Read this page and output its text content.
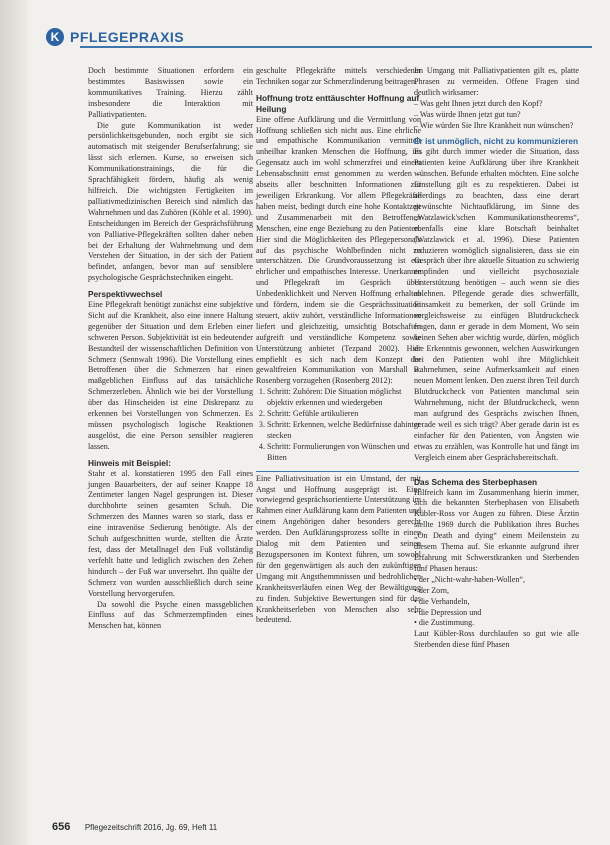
K PFLEGEPRAXIS

Doch bestimmte Situationen erfordern ein bestimmtes Basiswissen sowie ein kommunikatives Training. Hierzu zählt insbesondere die Interaktion mit Palliativpatienten.

Die gute Kommunikation ist weder persönlichkeitsgebunden, noch ergibt sie sich automatisch mit steigender Berufserfahrung; sie lässt sich erlernen. Kurse, so erweisen sich Kommunikationstrainings, die für die Sprachfähigkeit fördern, häufig als wenig hilfreich. Die wichtigsten Fertigkeiten im palliativmedizinischen Bereich sind nämlich das Wahrnehmen und das Zuhören (Köhle et al. 1990). Entscheidungen im Bereich der Gesprächsführung von Palliative-Pflegekräften sollten daher neben bei der Erhaltung der Wahrnehmung und dem Verstehen der Situation, in der sich der Patient befindet, anfangen, bevor man auf sensiblere psychologische Gesprächstechniken eingeht.

Perspektivwechsel

Eine Pflegekraft benötigt zunächst eine subjektive Sicht auf die Krankheit, also eine innere Haltung gegenüber der Situation und dem Erleben einer schweren Person. Subjektivität ist ein bedeutender Bestandteil der wissenschaftlichen Definition von Schmerz (Sennwalt 1996). Die Vorstellung eines Betroffenen über die Schmerzen hat einen maßgeblichen Einfluss auf das tatsächliche Schmerzerleben. Ähnlich wie bei der Vorstellung über das Hinscheiden ist eine Diskrepanz zu erkennen bei Vorstellungen von Schmerzen. Es müssen psychologisch logische Reaktionen ausgelöst, die eine Person sensibler reagieren lassen.

Hinweis mit Beispiel:

Stahr et al. konstatieren 1995 den Fall eines jungen Bauarbeiters, der auf seiner Knappe 18 Zentimeter langen Nagel gesprungen ist. Dieser durchbohrte seinen gesamten Schuh. Die Schmerzen des Mannes waren so stark, dass er eine intravenöse Sedierung benötigte. Als der Schuh aufgeschnitten wurde, stellten die Ärzte fest, dass der Metallnagel den Fuß vollständig verfehlt hatte und lediglich zwischen den Zehen hindurch – der Fuß war unversehrt. Ihn quälte der Schmerz von wurden ausschließlich durch seine Vorstellung hervorgerufen.

Da sowohl die Psyche einen massgeblichen Einfluss auf das Schmerzempfinden eines Menschen hat, können

geschulte Pflegekräfte mittels verschiedener Techniken sogar zur Schmerzlinderung beitragen.

Hoffnung trotz enttäuschter Hoffnung auf Heilung

Eine offene Aufklärung und die Vermittlung von Hoffnung schließen sich nicht aus. Eine ehrliche und empathische Kommunikation vermittelt unheilbar kranken Menschen die Hoffnung, im Gegensatz auch im wohl schmerzfrei und einem Lebensabschnitt ernst genommen zu werden – abseits aller beschnitten Informationen zur jeweiligen Erkrankung. Vor allem Pflegekräfte haben meist, bedingt durch eine hohe Kontaktzeit und Zusammenarbeit mit den Betroffenen Menschen, eine enge Beziehung zu den Patienten. Hier sind die Möglichkeiten des Pflegepersonals auf das psychische Wohlbefinden nicht zu unterschätzen. Die Grundvoraussetzung ist ein ehrlicher und empathisches Interesse. Unerkannte und Pflegekraft im Gespräch über Unbedenklichkeit und Nerven Hoffnung erhalten und fördern, indem sie die Gesprächssituation steuert, aktiv zuhört, verständliche Informationen liefert und gleichzeitig, umsichtig Botschaften aufgreift und verständliche Kompetenz sowie Unterstützung anbietet (Tezpand 2002). Hier empfiehlt es sich nach dem Konzept der gewaltfreien Kommunikation von Marshall B. Rosenberg vorzugehen (Rosenberg 2012):

1. Schritt: Zuhören: Die Situation möglichst objektiv erkennen und wiedergeben
2. Schritt: Gefühle artikulieren
3. Schritt: Erkennen, welche Bedürfnisse dahinter stecken
4. Schritt: Formulierungen von Wünschen und Bitten

Eine Palliativsituation ist ein Umstand, der mit Angst und Hoffnung ausgeprägt ist. Eine vorwiegend gesprächsorientierte Unterstützung im Rahmen einer Aufklärung kann dem Patienten und einem Angehörigen daher besonders gerecht werden. Den Aufklärungsprozess sollte in einen Dialog mit dem Patienten und seinen Bezugspersonen im Kontext führen, um sowohl für den gegenwärtigen als auch den zukünftigen Umgang mit Angsthemmnissen und bedrohlichen Krankheitsverläufen einen Weg der Bewältigung zu finden. Subjektive Bewertungen sind für das Krankheitserleben von Menschen also sehr bedeutend.

Im Umgang mit Palliativpatienten gilt es, platte Phrasen zu vermeiden. Offene Fragen sind deutlich wirksamer:

– Was geht Ihnen jetzt durch den Kopf?
– Was würde Ihnen jetzt gut tun?
– Wie würden Sie Ihre Krankheit nun wünschen?
Er ist unmöglich, nicht zu kommunizieren

Es gibt durch immer wieder die Situation, dass Patienten keine Aufklärung über ihre Krankheit wünschen. Befunde erhalten möchten. Eine solche Einstellung gilt es zu respektieren. Dabei ist allerdings zu beachten, dass eine derart gewünschte Nichtaufklärung, im Sinne des „Watzlawick'schen Kommunikationstheorems“, ebenfalls eine klare Botschaft beinhaltet (Watzlawick et al. 1996). Diese Patienten reduzieren womöglich signalisieren, dass sie ein Gespräch über ihre aktuelle Situation zu schwierig empfinden und vielleicht psychosoziale Unterstützung benötigen – auch wenn sie dies ablehnen. Pflegende gerade dies schwerfällt, Einsamkeit zu bemerken, der soll Gründe im vergleichsweise zu einfügen Blutdruckcheck fragen, dann er gerade in dem Moment, Wo sein keinen Sehen aber wichtig wurde, dürfen, möglich die Erkenntnis gewonnen, welchen Auswirkungen bei den Patienten wohl ihre Möglichkeit wahrnehmen, seine Aufmerksamkeit auf einen neuen Moment lenken. Den zuerst ihren Teil durch Blutdruckcheck von Patienten manchmal sein Wahrnehmung, nicht der Blutdruckcheck, wenn man aufgrund des Gesprächs zwischen Ihnen, gerade weil es sich trägt? Aber gerade darin ist es einfacher für den Patienten, von Ängsten wie etwas zu erzählen, was Kontrolle hat und fängt im Vergleich einem aber Gesprächsbereitschaft.

Das Schema des Sterbephasen

Hilfreich kann im Zusammenhang hierin immer, sich die bekannten Sterbephasen von Elisabeth Kübler-Ross vor Augen zu führen. Diese Ärztin stellte 1969 durch die Publikation ihres Buches „On Death and dying“ einem Meilenstein zu diesem Thema auf. Sie erkannte aufgrund ihrer Erfahrung mit Schwerstkranken und Sterbenden fünf Phasen heraus:

• der „Nicht-wahr-haben-Wollen“,
• der Zorn,
• die Verhandeln,
• die Depression und
• die Zustimmung.

Laut Kübler-Ross durchlaufen so gut wie alle Sterbenden diese fünf Phasen

656 Pflegezeitschrift 2016, Jg. 69, Heft 11
